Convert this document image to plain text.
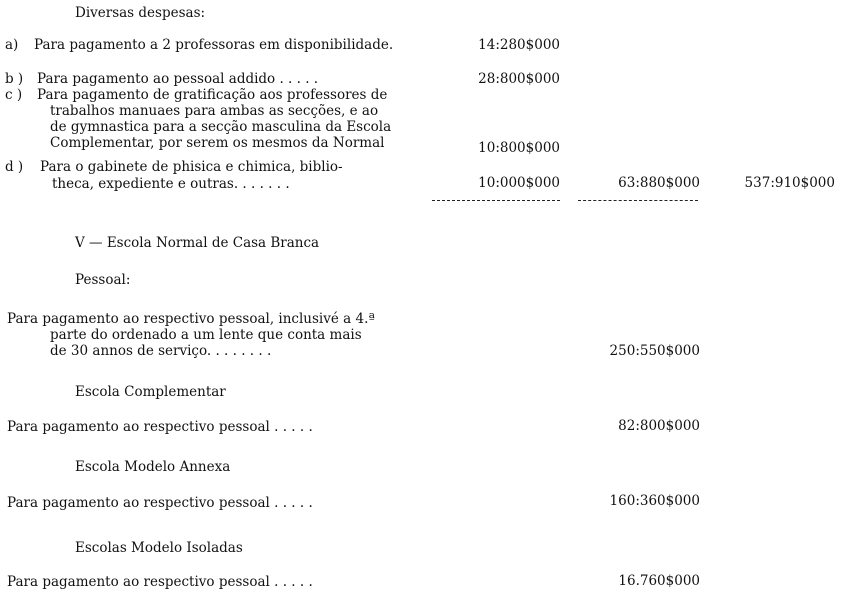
Diversas despesas:
a) Para pagamento a 2 professoras em disponibilidade.	14:280$000
b ) Para pagamento ao pessoal addido . . . . .	28:800$000
c ) Para pagamento de gratificação aos professores de
trabalhos manuaes para ambas as secções, e ao
de gymnastica para a secção masculina da Escola
Complementar, por serem os mesmos da Normal	10:800$000
d ) Para o gabinete de phisica e chimica, biblio-
theca, expediente e outras. . . . . . .	10:000$000	63:880$000	537:910$000
V — Escola Normal de Casa Branca
Pessoal:
Para pagamento ao respectivo pessoal, inclusivé a 4.ª
parte do ordenado a um lente que conta mais
de 30 annos de serviço. . . . . . . .	250:550$000
Escola Complementar
Para pagamento ao respectivo pessoal . . . . .	82:800$000
Escola Modelo Annexa
Para pagamento ao respectivo pessoal . . . . .	160:360$000
Escolas Modelo Isoladas
Para pagamento ao respectivo pessoal . . . . .	16.760$000
